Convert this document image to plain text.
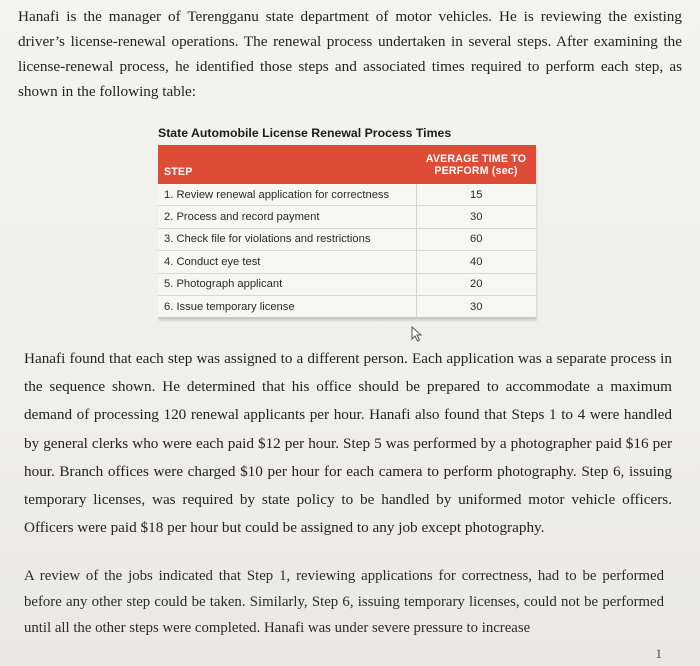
Hanafi is the manager of Terengganu state department of motor vehicles. He is reviewing the existing driver’s license-renewal operations. The renewal process undertaken in several steps. After examining the license-renewal process, he identified those steps and associated times required to perform each step, as shown in the following table:

State Automobile License Renewal Process Times

STEP	AVERAGE TIME TO
PERFORM (sec)
1. Review renewal application for correctness	15
2. Process and record payment	30
3. Check file for violations and restrictions	60
4. Conduct eye test	40
5. Photograph applicant	20
6. Issue temporary license	30

Hanafi found that each step was assigned to a different person. Each application was a separate process in the sequence shown. He determined that his office should be prepared to accommodate a maximum demand of processing 120 renewal applicants per hour. Hanafi also found that Steps 1 to 4 were handled by general clerks who were each paid $12 per hour. Step 5 was performed by a photographer paid $16 per hour. Branch offices were charged $10 per hour for each camera to perform photography. Step 6, issuing temporary licenses, was required by state policy to be handled by uniformed motor vehicle officers. Officers were paid $18 per hour but could be assigned to any job except photography.

A review of the jobs indicated that Step 1, reviewing applications for correctness, had to be performed before any other step could be taken. Similarly, Step 6, issuing temporary licenses, could not be performed until all the other steps were completed. Hanafi was under severe pressure to increase

1
